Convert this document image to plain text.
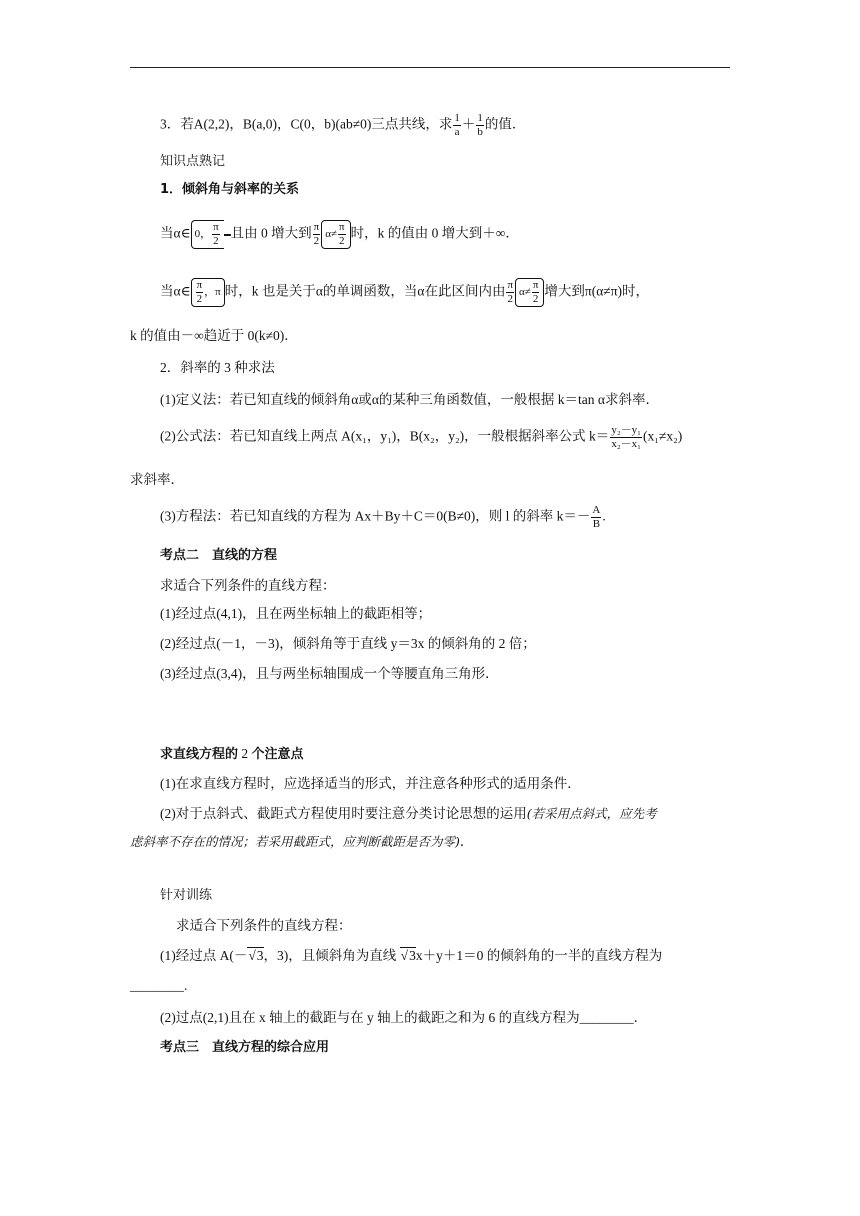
3．若A(2,2)，B(a,0)，C(0，b)(ab≠0)三点共线，求 $\frac{1}{a} + \frac{1}{b}$ 的值．
知识点熟记
1．倾斜角与斜率的关系
当α∈ 0， $\frac{\pi}{2}$ 且由 0 增大到 $\frac{\pi}{2} \alpha\ne \frac{\pi}{2}$ 时，k 的值由 0 增大到＋∞．
当α∈ $\frac{\pi}{2}$ ，π 时，k 也是关于α的单调函数，当α在此区间内由 $\frac{\pi}{2} \alpha\ne \frac{\pi}{2}$ 增大到π(α≠π)时，
k 的值由－∞趋近于 0(k≠0)．
2．斜率的 3 种求法
(1)定义法：若已知直线的倾斜角α或α的某种三角函数值，一般根据 k＝tan α求斜率．
(2)公式法：若已知直线上两点 A(x₁，y₁)，B(x₂，y₂)，一般根据斜率公式 $k= \frac{\text{y₂－y₁}}{\text{x₂－x₁}} (x_1\ne x_2)$
求斜率．
(3)方程法：若已知直线的方程为 Ax＋By＋C＝0(B≠0)，则 l 的斜率 $k=- \frac{A}{B}$ .
考点二　直线的方程
求适合下列条件的直线方程：
(1)经过点(4,1)，且在两坐标轴上的截距相等；
(2)经过点(－1，－3)，倾斜角等于直线 y＝3x 的倾斜角的 2 倍；
(3)经过点(3,4)，且与两坐标轴围成一个等腰直角三角形．
求直线方程的 2 个注意点
(1)在求直线方程时，应选择适当的形式，并注意各种形式的适用条件．
(2)对于点斜式、截距式方程使用时要注意分类讨论思想的运用(若采用点斜式，应先考
虑斜率不存在的情况；若采用截距式，应判断截距是否为零)．
针对训练
求适合下列条件的直线方程：
(1)经过点 A(－√ 3，3)，且倾斜角为直线 √ 3x＋y＋1＝0 的倾斜角的一半的直线方程为
________.
(2)过点(2,1)且在 x 轴上的截距与在 y 轴上的截距之和为 6 的直线方程为________．
考点三　直线方程的综合应用
